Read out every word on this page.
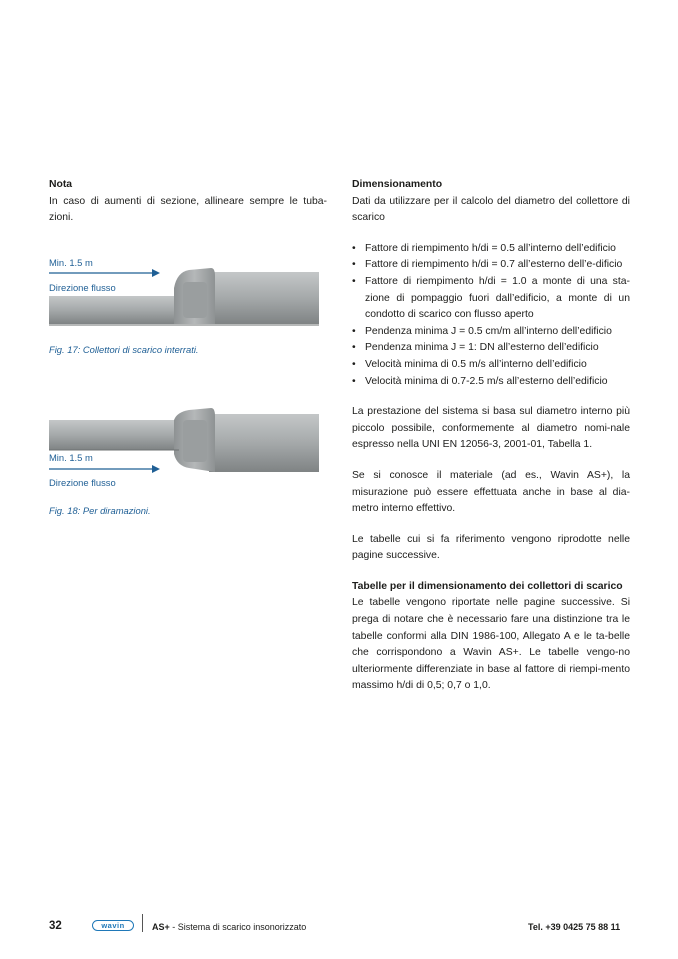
Nota

In caso di aumenti di sezione, allineare sempre le tuba-zioni.

Min. 1.5 m
Direzione flusso
Fig. 17: Collettori di scarico interrati.
Min. 1.5 m
Direzione flusso
Fig. 18: Per diramazioni.
Dimensionamento

Dati da utilizzare per il calcolo del diametro del collettore di scarico

• Fattore di riempimento h/di = 0.5 all’interno dell’edificio
• Fattore di riempimento h/di = 0.7 all’esterno dell’e-dificio
• Fattore di riempimento h/di = 1.0 a monte di una sta-zione di pompaggio fuori dall’edificio, a monte di un condotto di scarico con flusso aperto
• Pendenza minima J = 0.5 cm/m all’interno dell’edificio
• Pendenza minima J = 1: DN all’esterno dell’edificio
• Velocità minima di 0.5 m/s all’interno dell’edificio
• Velocità minima di 0.7-2.5 m/s all’esterno dell’edificio

La prestazione del sistema si basa sul diametro interno più piccolo possibile, conformemente al diametro nomi-nale espresso nella UNI EN 12056-3, 2001-01, Tabella 1.

Se si conosce il materiale (ad es., Wavin AS+), la misurazione può essere effettuata anche in base al dia-metro interno effettivo.

Le tabelle cui si fa riferimento vengono riprodotte nelle pagine successive.

Tabelle per il dimensionamento dei collettori di scarico

Le tabelle vengono riportate nelle pagine successive. Si prega di notare che è necessario fare una distinzione tra le tabelle conformi alla DIN 1986-100, Allegato A e le ta-belle che corrispondono a Wavin AS+. Le tabelle vengo-no ulteriormente differenziate in base al fattore di riempi-mento massimo h/di di 0,5; 0,7 o 1,0.

32	wavin	AS+ - Sistema di scarico insonorizzato	Tel. +39 0425 75 88 11
